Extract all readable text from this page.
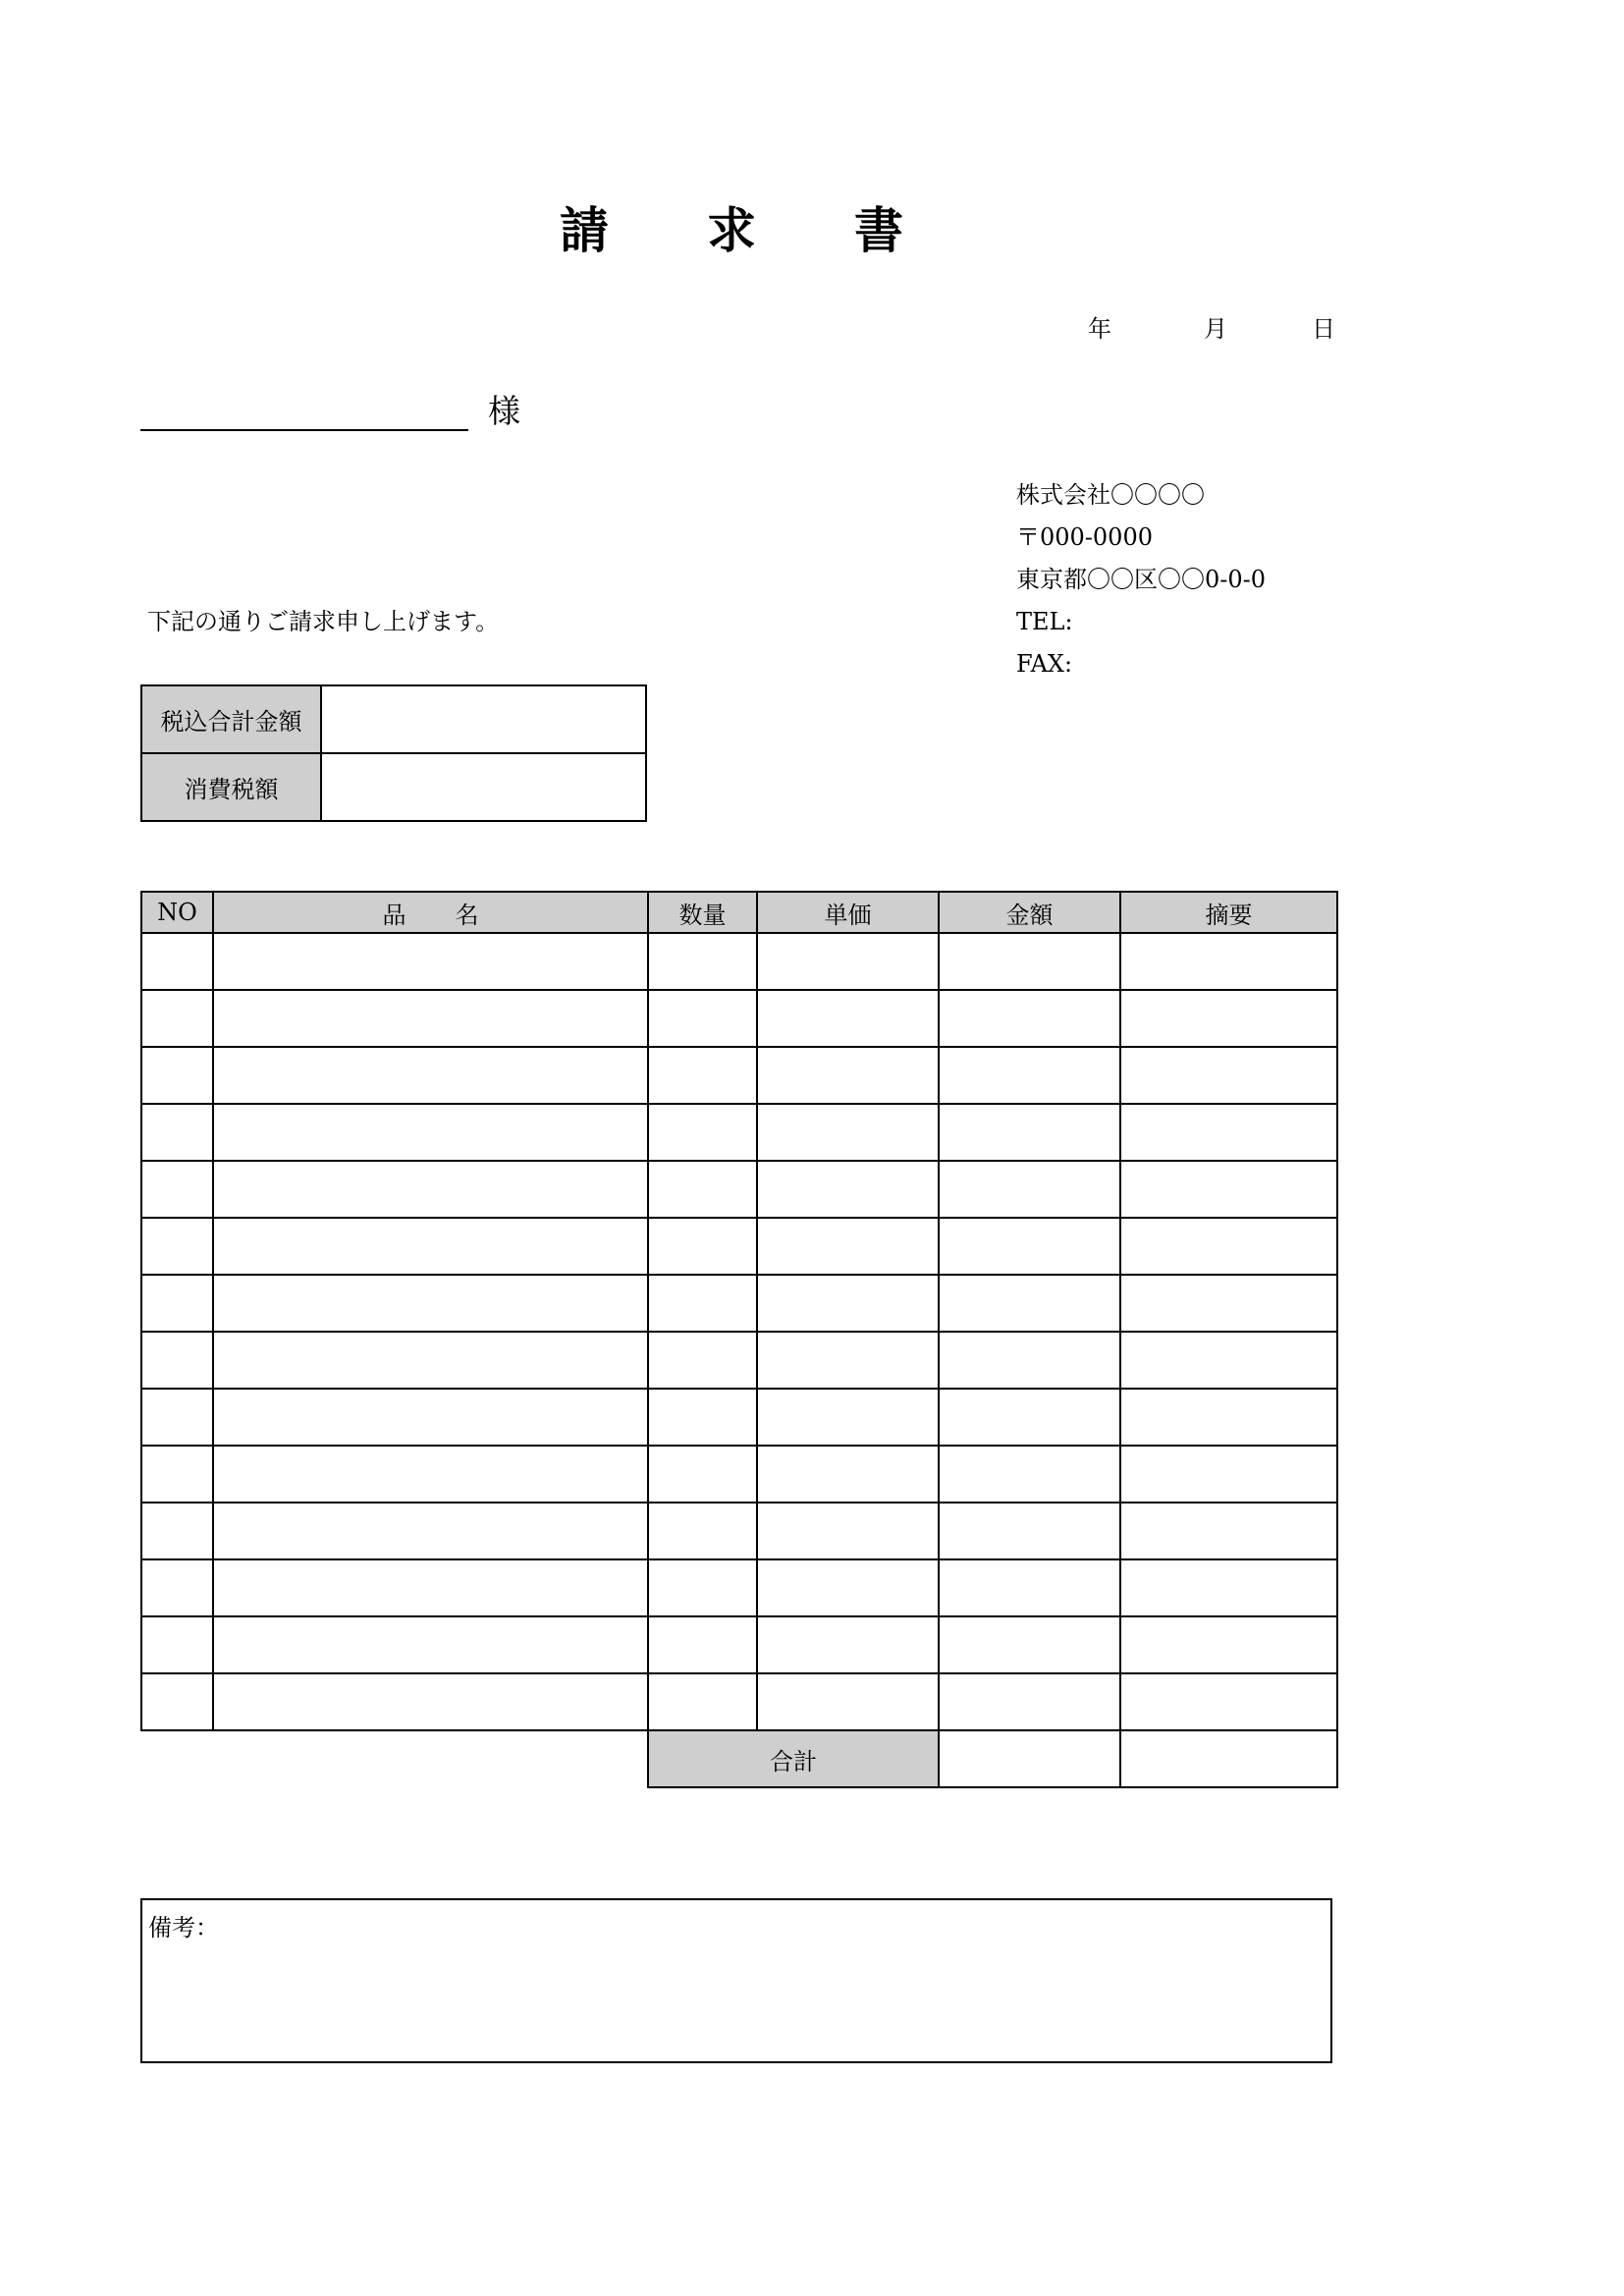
請 求 書
年	月	日
様
株式会社〇〇〇〇
〒000-0000
東京都〇〇区〇〇0-0-0
TEL:
FAX:
下記の通りご請求申し上げます。
税込合計金額	
消費税額	
NO	品 名	数量	単価	金額	摘要

		合計			
備考：
